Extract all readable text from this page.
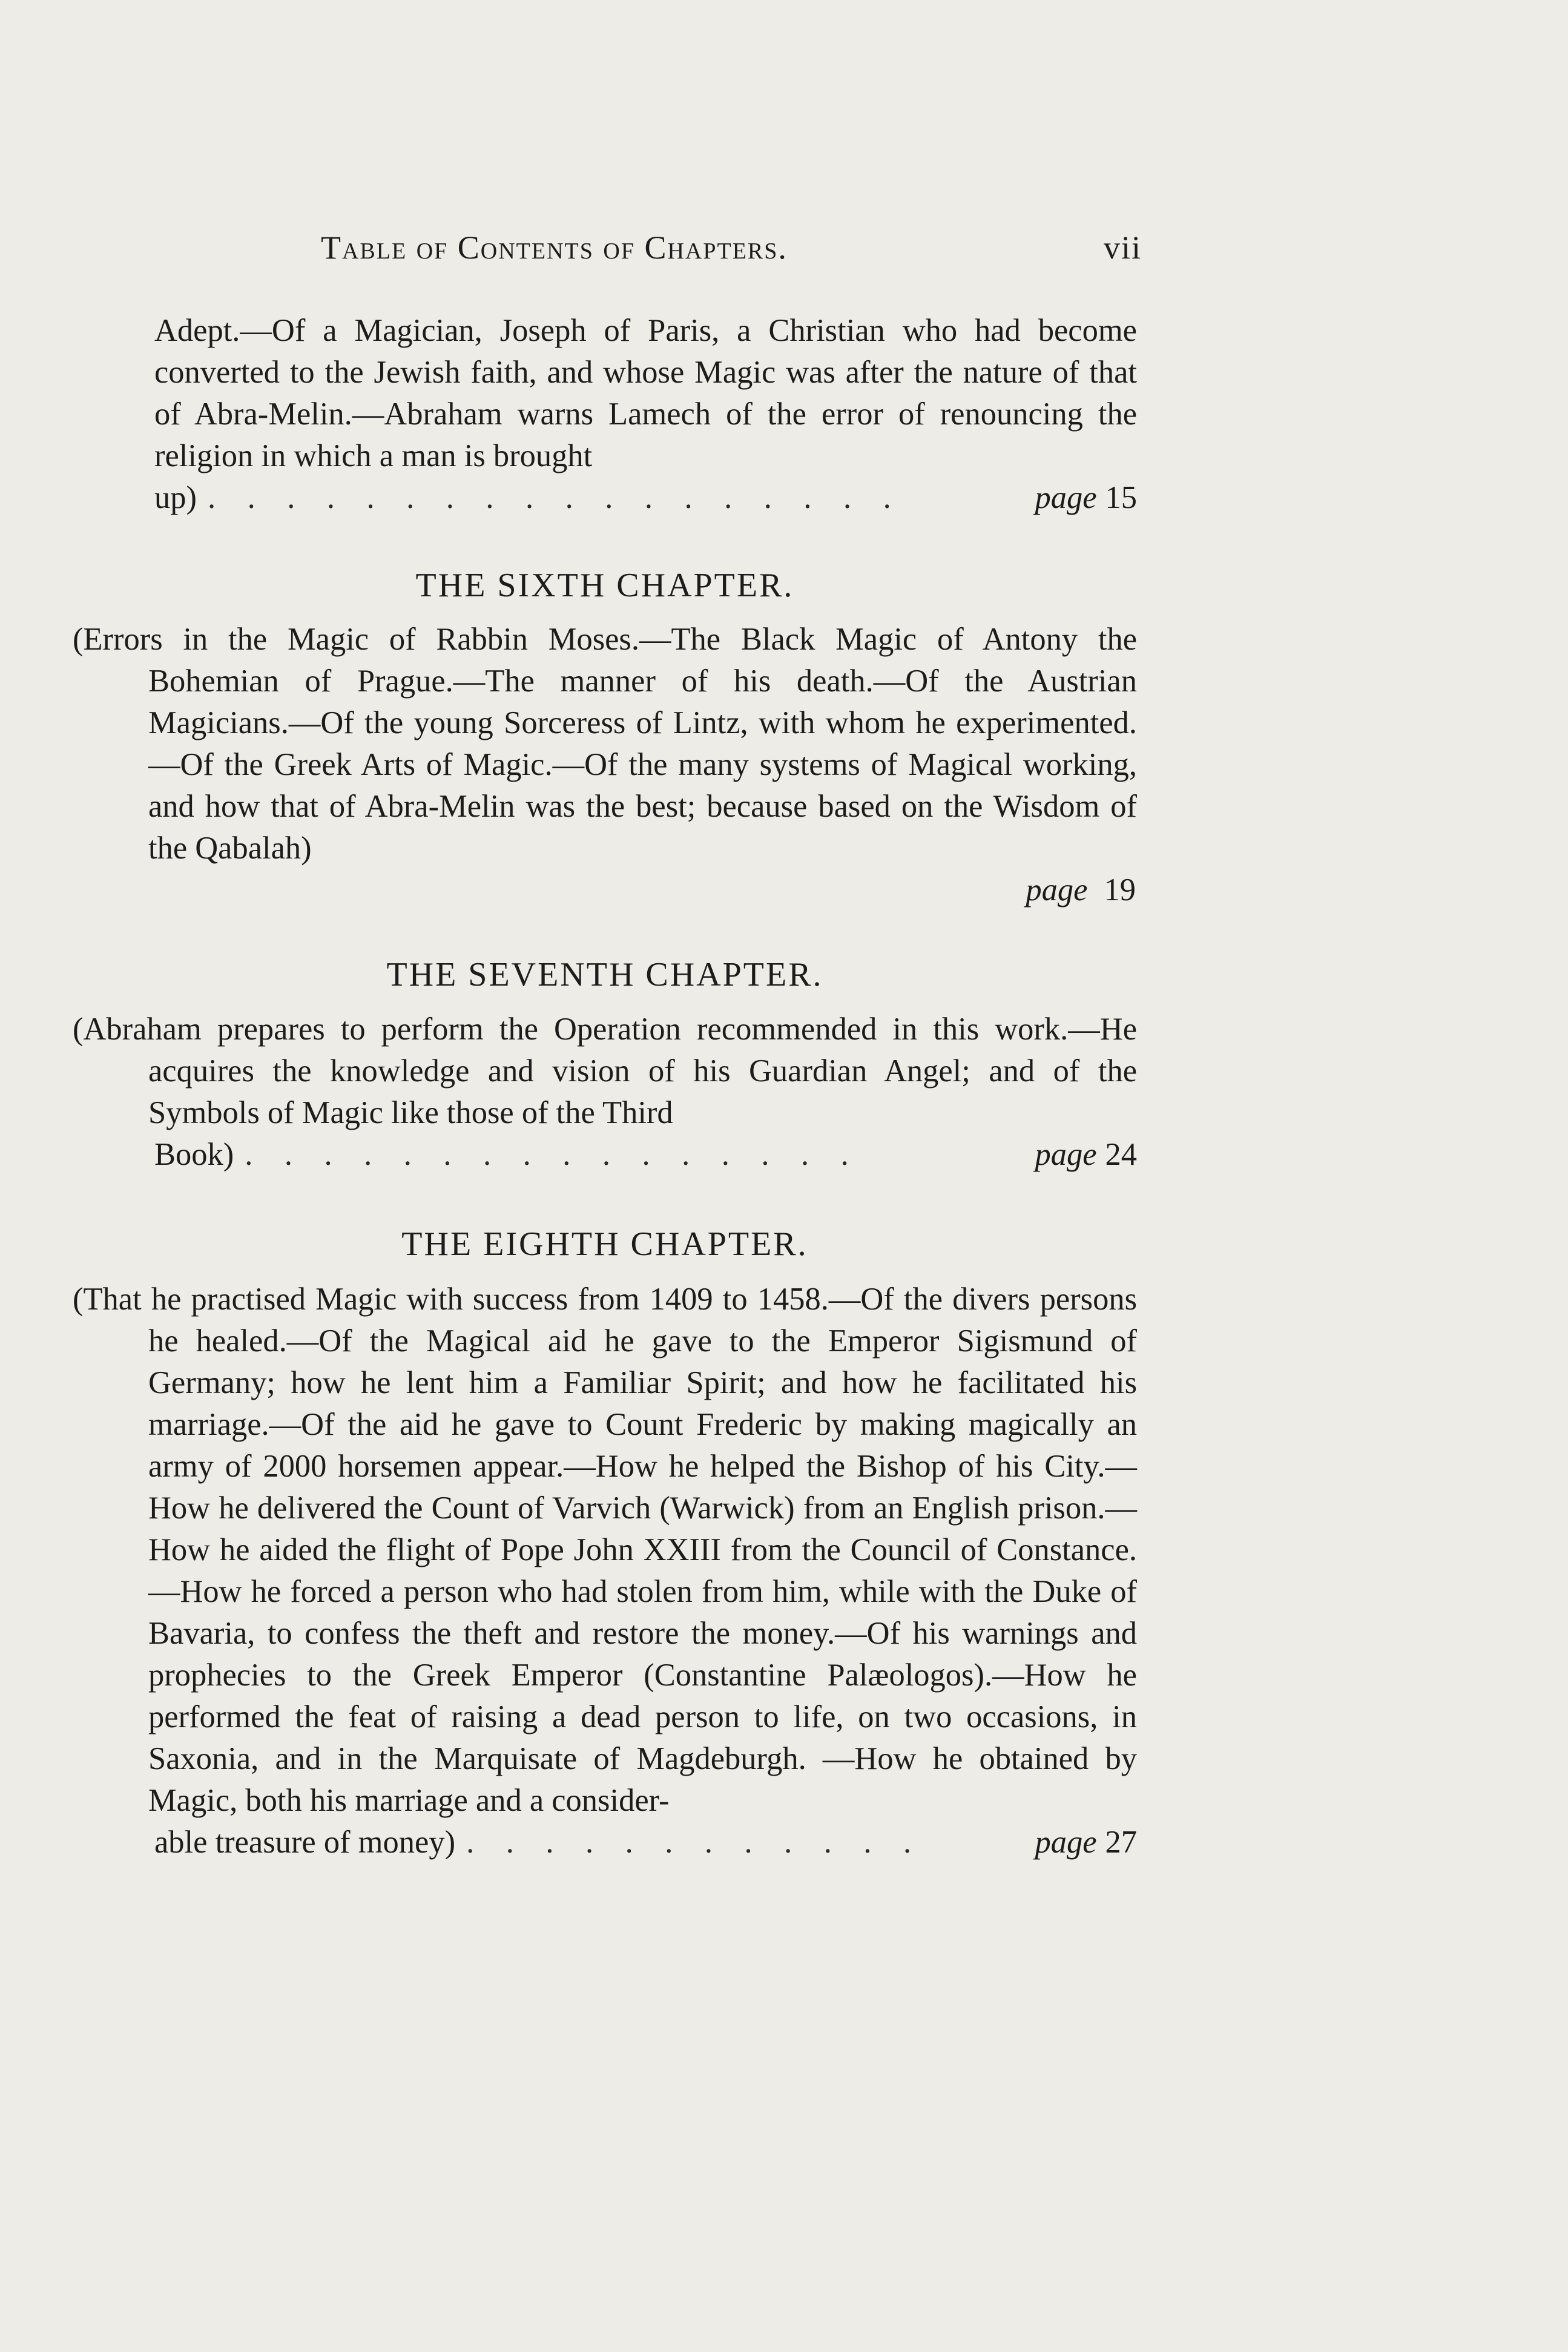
Table of Contents of Chapters.	vii

Adept.—Of a Magician, Joseph of Paris, a Christian who had become converted to the Jewish faith, and whose Magic was after the nature of that of Abra-Melin.—Abraham warns Lamech of the error of renouncing the religion in which a man is brought

up) .    .    .    .    .    .    .    .    .    .    .    .    .    .    .    .    .    .	page 15
THE SIXTH CHAPTER.

(Errors in the Magic of Rabbin Moses.—The Black Magic of Antony the Bohemian of Prague.—The manner of his death.—Of the Austrian Magicians.—Of the young Sorceress of Lintz, with whom he experimented.—Of the Greek Arts of Magic.—Of the many systems of Magical working, and how that of Abra-Melin was the best; because based on the Wisdom of the Qabalah)

page 19
THE SEVENTH CHAPTER.

(Abraham prepares to perform the Operation recommended in this work.—He acquires the knowledge and vision of his Guardian Angel; and of the Symbols of Magic like those of the Third

Book) .    .    .    .    .    .    .    .    .    .    .    .    .    .    .    .	page 24
THE EIGHTH CHAPTER.

(That he practised Magic with success from 1409 to 1458.—Of the divers persons he healed.—Of the Magical aid he gave to the Emperor Sigismund of Germany; how he lent him a Familiar Spirit; and how he facilitated his marriage.—Of the aid he gave to Count Frederic by making magically an army of 2000 horsemen appear.—How he helped the Bishop of his City.—How he delivered the Count of Varvich (Warwick) from an English prison.—How he aided the flight of Pope John XXIII from the Council of Constance.—How he forced a person who had stolen from him, while with the Duke of Bavaria, to confess the theft and restore the money.—Of his warnings and prophecies to the Greek Emperor (Constantine Palæologos).—How he performed the feat of raising a dead person to life, on two occasions, in Saxonia, and in the Marquisate of Magdeburgh. —How he obtained by Magic, both his marriage and a consider-

able treasure of money) .    .    .    .    .    .    .    .    .    .    .    .	page 27
